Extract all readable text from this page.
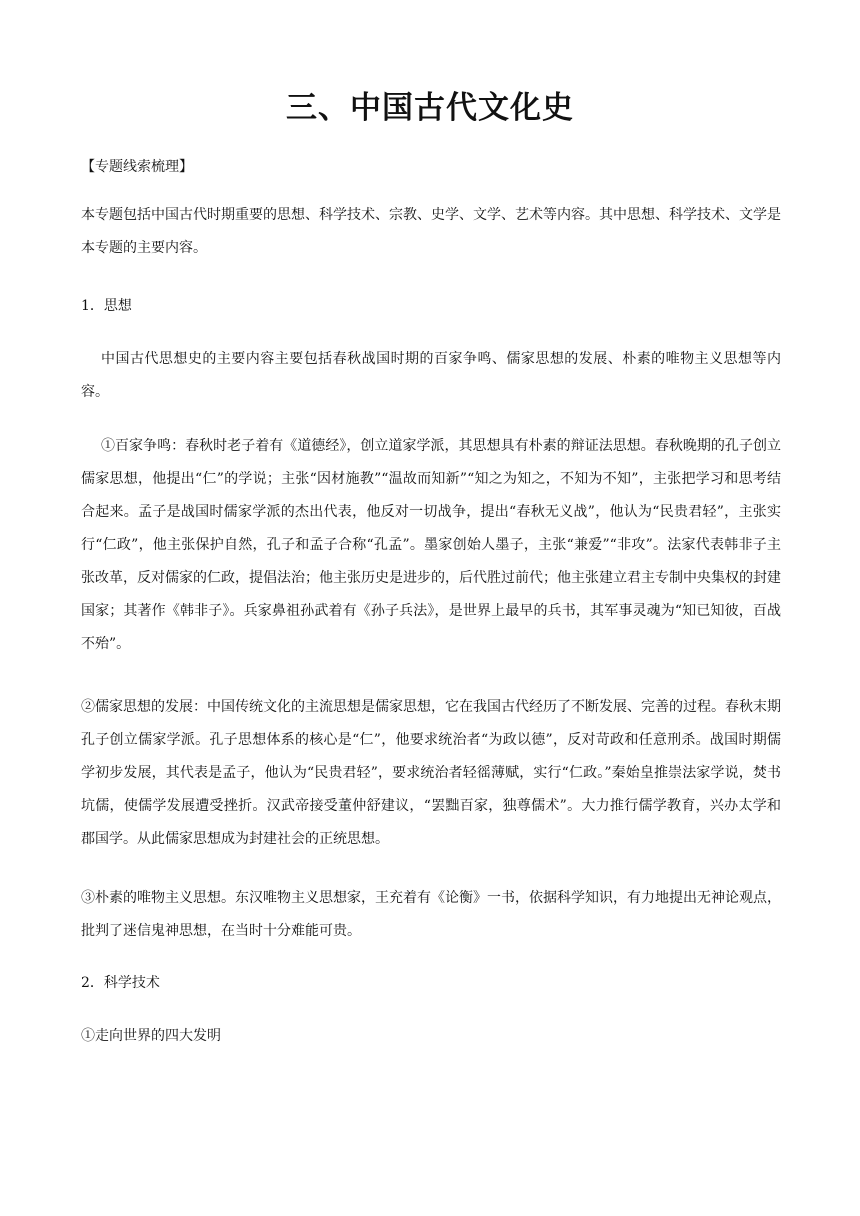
三、中国古代文化史
【专题线索梳理】
本专题包括中国古代时期重要的思想、科学技术、宗教、史学、文学、艺术等内容。其中思想、科学技术、文学是本专题的主要内容。
1．思想
中国古代思想史的主要内容主要包括春秋战国时期的百家争鸣、儒家思想的发展、朴素的唯物主义思想等内容。
①百家争鸣：春秋时老子着有《道德经》，创立道家学派，其思想具有朴素的辩证法思想。春秋晚期的孔子创立儒家思想，他提出“仁”的学说；主张“因材施教”“温故而知新”“知之为知之，不知为不知”，主张把学习和思考结合起来。孟子是战国时儒家学派的杰出代表，他反对一切战争，提出“春秋无义战”，他认为“民贵君轻”，主张实行“仁政”，他主张保护自然，孔子和孟子合称“孔孟”。墨家创始人墨子，主张“兼爱”“非攻”。法家代表韩非子主张改革，反对儒家的仁政，提倡法治；他主张历史是进步的，后代胜过前代；他主张建立君主专制中央集权的封建国家；其著作《韩非子》。兵家鼻祖孙武着有《孙子兵法》，是世界上最早的兵书，其军事灵魂为“知已知彼，百战不殆”。
②儒家思想的发展：中国传统文化的主流思想是儒家思想，它在我国古代经历了不断发展、完善的过程。春秋末期孔子创立儒家学派。孔子思想体系的核心是“仁”，他要求统治者“为政以德”，反对苛政和任意刑杀。战国时期儒学初步发展，其代表是孟子，他认为“民贵君轻”，要求统治者轻徭薄赋，实行“仁政。”秦始皇推崇法家学说，焚书坑儒，使儒学发展遭受挫折。汉武帝接受董仲舒建议，“罢黜百家，独尊儒术”。大力推行儒学教育，兴办太学和郡国学。从此儒家思想成为封建社会的正统思想。
③朴素的唯物主义思想。东汉唯物主义思想家，王充着有《论衡》一书，依据科学知识，有力地提出无神论观点，批判了迷信鬼神思想，在当时十分难能可贵。
2．科学技术
①走向世界的四大发明
